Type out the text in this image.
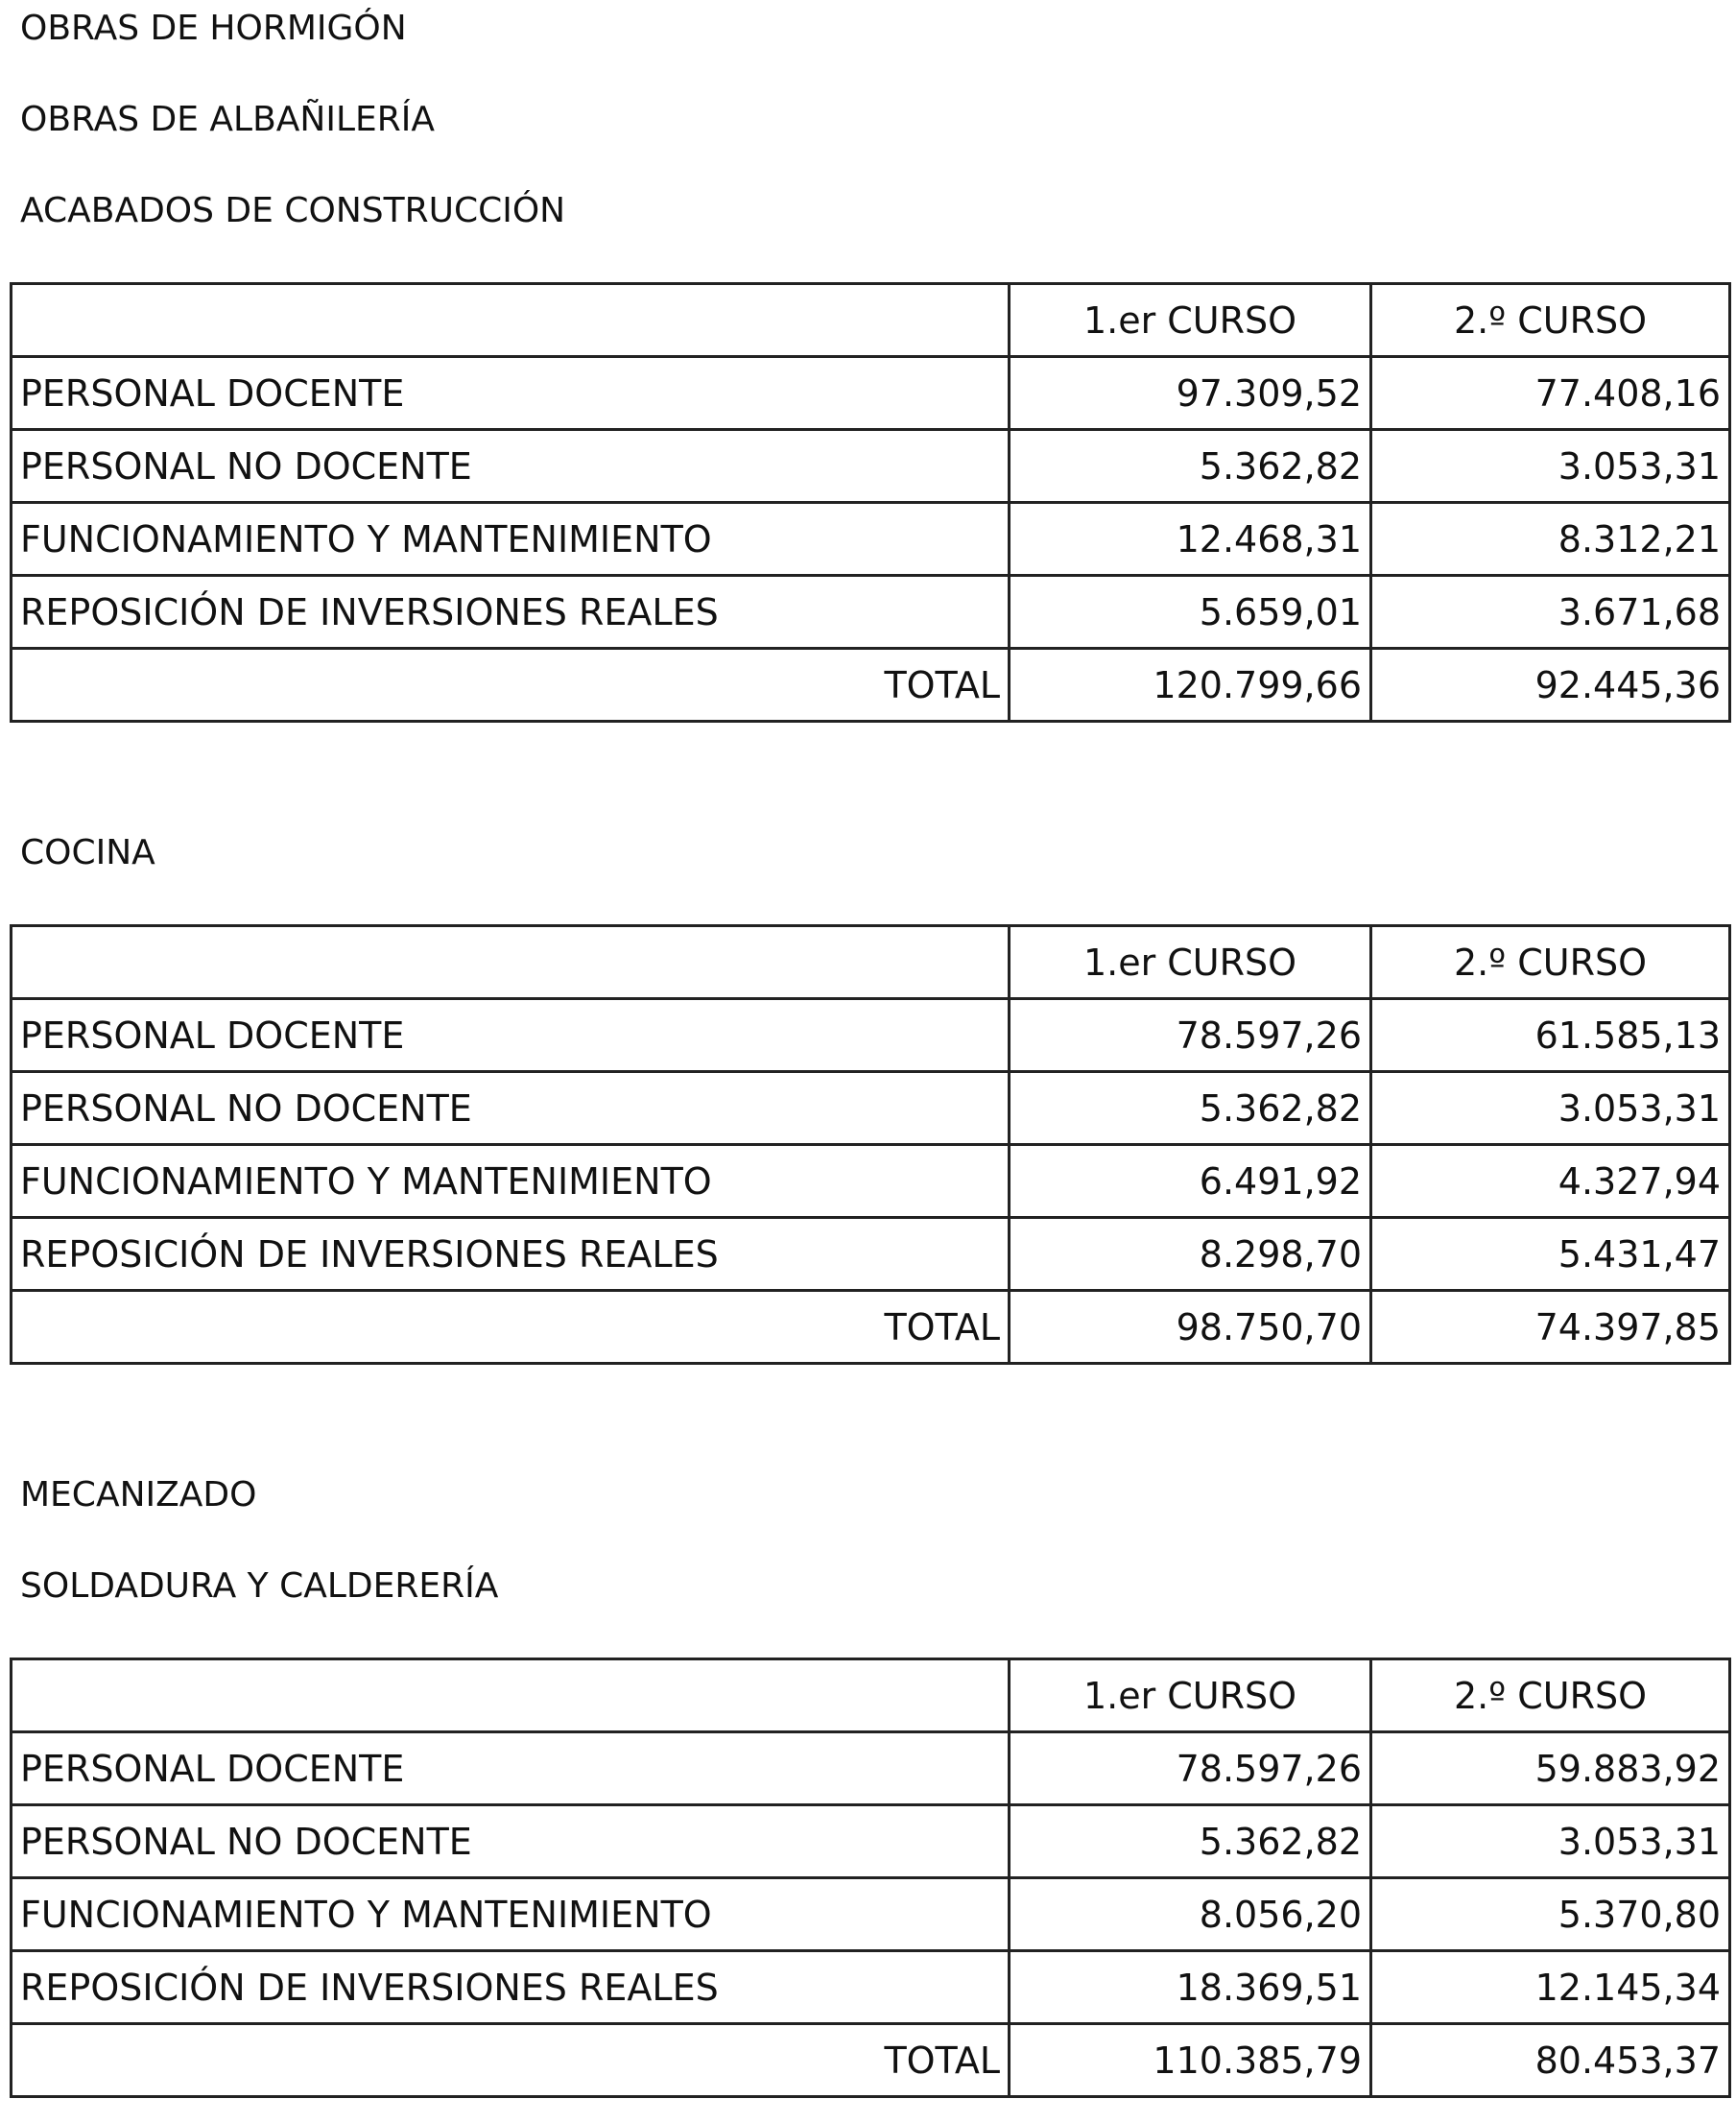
OBRAS DE HORMIGÓN
OBRAS DE ALBAÑILERÍA
ACABADOS DE CONSTRUCCIÓN
	1.er CURSO	2.º CURSO
PERSONAL DOCENTE	97.309,52	77.408,16
PERSONAL NO DOCENTE	5.362,82	3.053,31
FUNCIONAMIENTO Y MANTENIMIENTO	12.468,31	8.312,21
REPOSICIÓN DE INVERSIONES REALES	5.659,01	3.671,68
TOTAL	120.799,66	92.445,36
COCINA
	1.er CURSO	2.º CURSO
PERSONAL DOCENTE	78.597,26	61.585,13
PERSONAL NO DOCENTE	5.362,82	3.053,31
FUNCIONAMIENTO Y MANTENIMIENTO	6.491,92	4.327,94
REPOSICIÓN DE INVERSIONES REALES	8.298,70	5.431,47
TOTAL	98.750,70	74.397,85
MECANIZADO
SOLDADURA Y CALDERERÍA
	1.er CURSO	2.º CURSO
PERSONAL DOCENTE	78.597,26	59.883,92
PERSONAL NO DOCENTE	5.362,82	3.053,31
FUNCIONAMIENTO Y MANTENIMIENTO	8.056,20	5.370,80
REPOSICIÓN DE INVERSIONES REALES	18.369,51	12.145,34
TOTAL	110.385,79	80.453,37
